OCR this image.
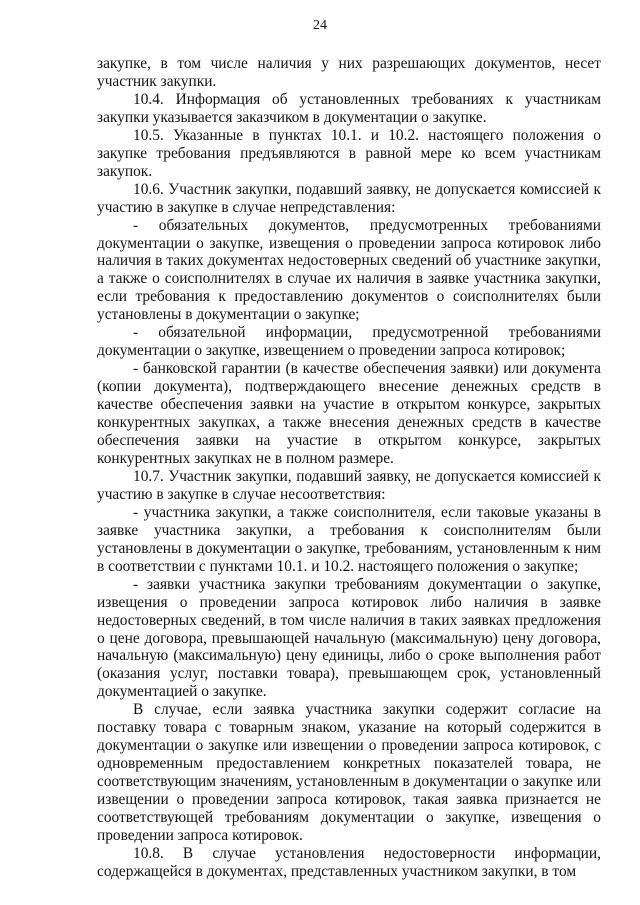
24

закупке, в том числе наличия у них разрешающих документов, несет участник закупки.

10.4. Информация об установленных требованиях к участникам закупки указывается заказчиком в документации о закупке.

10.5. Указанные в пунктах 10.1. и 10.2. настоящего положения о закупке требования предъявляются в равной мере ко всем участникам закупок.

10.6. Участник закупки, подавший заявку, не допускается комиссией к участию в закупке в случае непредставления:

- обязательных документов, предусмотренных требованиями документации о закупке, извещения о проведении запроса котировок либо наличия в таких документах недостоверных сведений об участнике закупки, а также о соисполнителях в случае их наличия в заявке участника закупки, если требования к предоставлению документов о соисполнителях были установлены в документации о закупке;

- обязательной информации, предусмотренной требованиями документации о закупке, извещением о проведении запроса котировок;

- банковской гарантии (в качестве обеспечения заявки) или документа (копии документа), подтверждающего внесение денежных средств в качестве обеспечения заявки на участие в открытом конкурсе, закрытых конкурентных закупках, а также внесения денежных средств в качестве обеспечения заявки на участие в открытом конкурсе, закрытых конкурентных закупках не в полном размере.

10.7. Участник закупки, подавший заявку, не допускается комиссией к участию в закупке в случае несоответствия:

- участника закупки, а также соисполнителя, если таковые указаны в заявке участника закупки, а требования к соисполнителям были установлены в документации о закупке, требованиям, установленным к ним в соответствии с пунктами 10.1. и 10.2. настоящего положения о закупке;

- заявки участника закупки требованиям документации о закупке, извещения о проведении запроса котировок либо наличия в заявке недостоверных сведений, в том числе наличия в таких заявках предложения о цене договора, превышающей начальную (максимальную) цену договора, начальную (максимальную) цену единицы, либо о сроке выполнения работ (оказания услуг, поставки товара), превышающем срок, установленный документацией о закупке.

В случае, если заявка участника закупки содержит согласие на поставку товара с товарным знаком, указание на который содержится в документации о закупке или извещении о проведении запроса котировок, с одновременным предоставлением конкретных показателей товара, не соответствующим значениям, установленным в документации о закупке или извещении о проведении запроса котировок, такая заявка признается не соответствующей требованиям документации о закупке, извещения о проведении запроса котировок.

10.8. В случае установления недостоверности информации, содержащейся в документах, представленных участником закупки, в том
